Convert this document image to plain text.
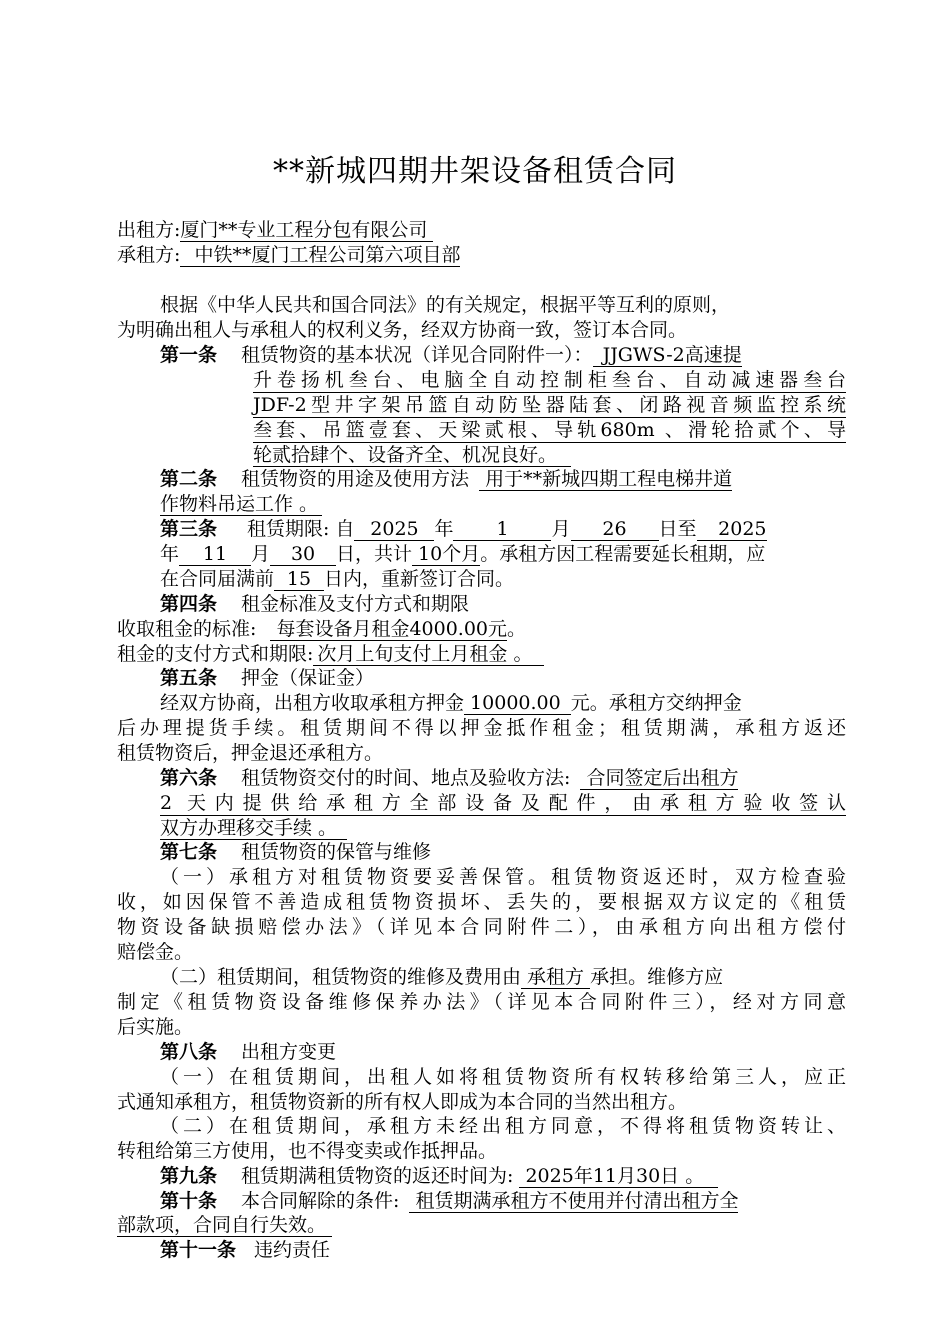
**新城四期井架设备租赁合同
出租方:厦门**专业工程分包有限公司
承租方: 中铁**厦门工程公司第六项目部
根据《中华人民共和国合同法》的有关规定，根据平等互利的原则，
为明确出租人与承租人的权利义务，经双方协商一致，签订本合同。
第一条 租赁物资的基本状况（详见合同附件一）： JJGWS-2高速提
升卷扬机叁台、电脑全自动控制柜叁台、自动减速器叁台
JDF-2型井字架吊篮自动防坠器陆套、闭路视音频监控系统
叁套、吊篮壹套、天梁贰根、导轨680m 、滑轮拾贰个、导
轮贰拾肆个、设备齐全、机况良好。
第二条 租赁物资的用途及使用方法 用于**新城四期工程电梯井道
作物料吊运工作 。
第三条 租赁期限: 自 2025 年 1 月 26 日至 2025
年 11 月 30 日，共计 10个月。承租方因工程需要延长租期，应
在合同届满前 15 日内，重新签订合同。
第四条 租金标准及支付方式和期限
收取租金的标准: 每套设备月租金4000.00元。
租金的支付方式和期限: 次月上旬支付上月租金 。
第五条 押金（保证金）
经双方协商，出租方收取承租方押金 10000.00 元。承租方交纳押金
后办理提货手续。租赁期间不得以押金抵作租金；租赁期满，承租方返还
租赁物资后，押金退还承租方。
第六条 租赁物资交付的时间、地点及验收方法: 合同签定后出租方
2 天内提供给承租方全部设备及配件，由承租方验收签认
双方办理移交手续 。
第七条 租赁物资的保管与维修
（一）承租方对租赁物资要妥善保管。租赁物资返还时，双方检查验
收，如因保管不善造成租赁物资损坏、丢失的，要根据双方议定的《租赁
物资设备缺损赔偿办法》（详见本合同附件二），由承租方向出租方偿付
赔偿金。
（二）租赁期间，租赁物资的维修及费用由 承租方 承担。维修方应
制定《租赁物资设备维修保养办法》（详见本合同附件三），经对方同意
后实施。
第八条 出租方变更
（一）在租赁期间，出租人如将租赁物资所有权转移给第三人，应正
式通知承租方，租赁物资新的所有权人即成为本合同的当然出租方。
（二）在租赁期间，承租方未经出租方同意，不得将租赁物资转让、
转租给第三方使用，也不得变卖或作抵押品。
第九条 租赁期满租赁物资的返还时间为: 2025年11月30日 。
第十条 本合同解除的条件: 租赁期满承租方不使用并付清出租方全
部款项，合同自行失效。
第十一条 违约责任
